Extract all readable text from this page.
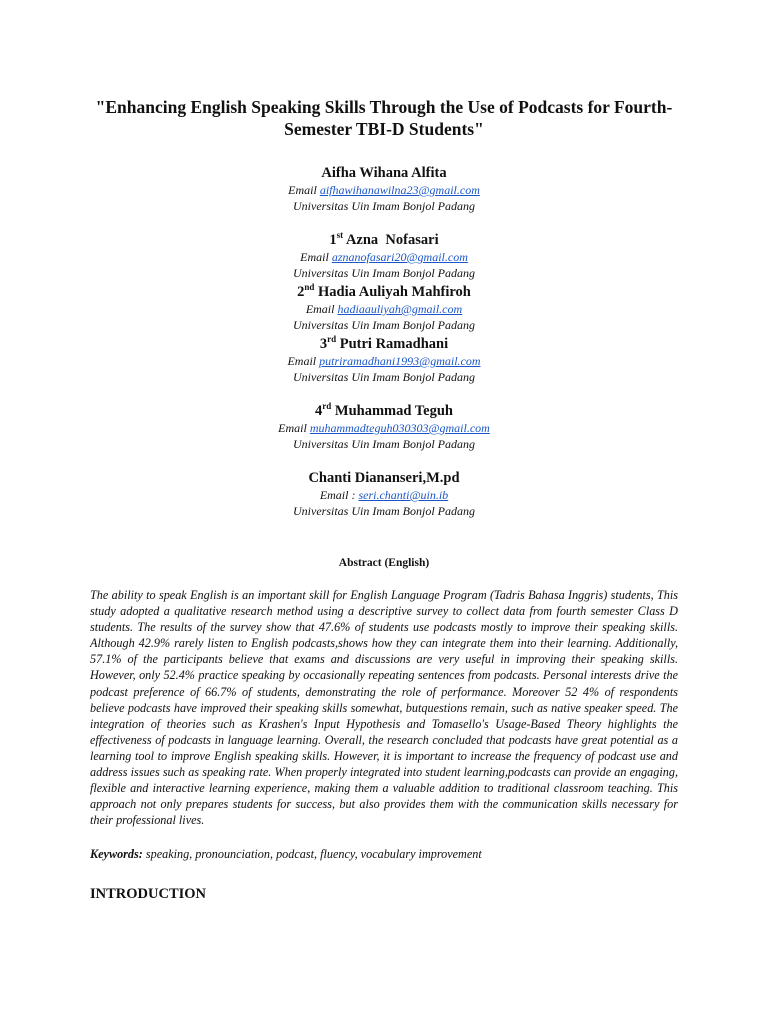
"Enhancing English Speaking Skills Through the Use of Podcasts for Fourth-Semester TBI-D Students"

Aifha Wihana Alfita

Email aifhawihanawilna23@gmail.com

Universitas Uin Imam Bonjol Padang

1st Azna  Nofasari

Email aznanofasari20@gmail.com

Universitas Uin Imam Bonjol Padang

2nd Hadia Auliyah Mahfiroh

Email hadiaauliyah@gmail.com

Universitas Uin Imam Bonjol Padang

3rd Putri Ramadhani

Email putriramadhani1993@gmail.com

Universitas Uin Imam Bonjol Padang

4rd Muhammad Teguh

Email muhammadteguh030303@gmail.com

Universitas Uin Imam Bonjol Padang

Chanti Diananseri,M.pd

Email : seri.chanti@uin.ib

Universitas Uin Imam Bonjol Padang

Abstract (English)

The ability to speak English is an important skill for English Language Program (Tadris Bahasa Inggris) students, This study adopted a qualitative research method using a descriptive survey to collect data from fourth semester Class D students. The results of the survey show that 47.6% of students use podcasts mostly to improve their speaking skills. Although 42.9% rarely listen to English podcasts,shows how they can integrate them into their learning. Additionally, 57.1% of the participants believe that exams and discussions are very useful in improving their speaking skills. However, only 52.4% practice speaking by occasionally repeating sentences from podcasts. Personal interests drive the podcast preference of 66.7% of students, demonstrating the role of performance. Moreover 52 4% of respondents believe podcasts have improved their speaking skills somewhat, butquestions remain, such as native speaker speed. The integration of theories such as Krashen's Input Hypothesis and Tomasello's Usage-Based Theory highlights the effectiveness of podcasts in language learning. Overall, the research concluded that podcasts have great potential as a learning tool to improve English speaking skills. However, it is important to increase the frequency of podcast use and address issues such as speaking rate. When properly integrated into student learning,podcasts can provide an engaging, flexible and interactive learning experience, making them a valuable addition to traditional classroom teaching. This approach not only prepares students for success, but also provides them with the communication skills necessary for their professional lives.

Keywords: speaking, pronounciation, podcast, fluency, vocabulary improvement

INTRODUCTION
